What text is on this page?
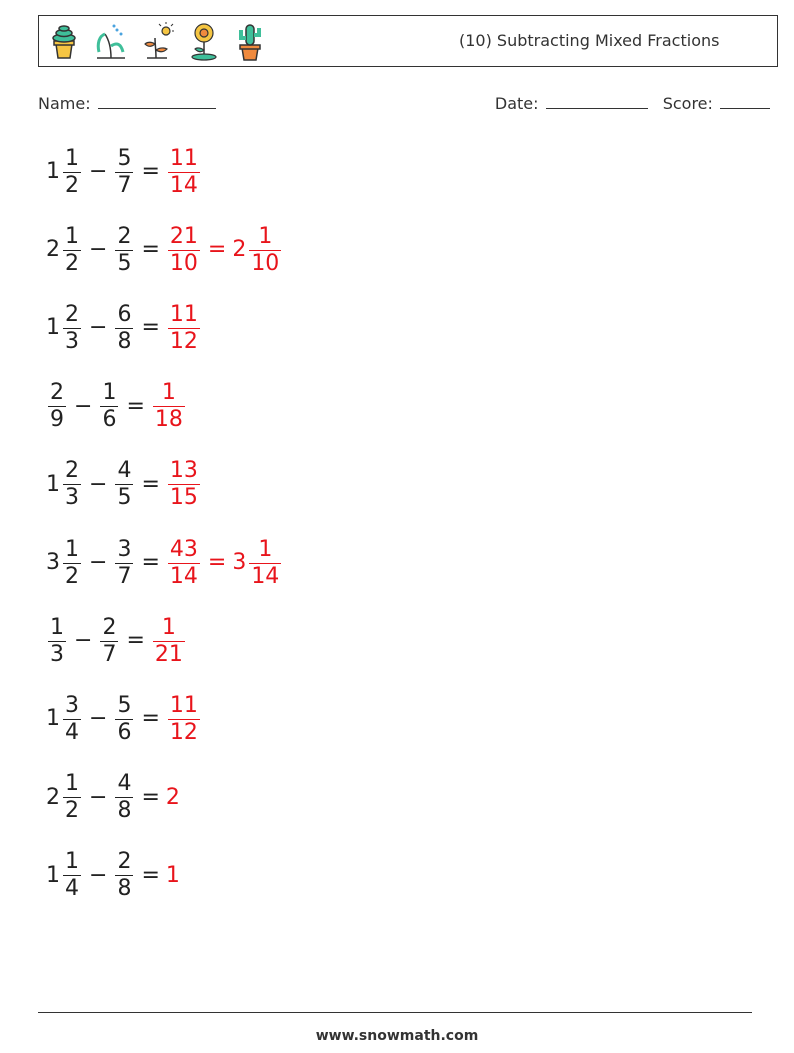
(10) Subtracting Mixed Fractions
Name:	Date:	Score:
$1 \frac{1}{2} - \frac{5}{7} = \frac{11}{14}$
$2 \frac{1}{2} - \frac{2}{5} = \frac{21}{10} = 2 \frac{1}{10}$
$1 \frac{2}{3} - \frac{6}{8} = \frac{11}{12}$
$\frac{2}{9} - \frac{1}{6} = \frac{1}{18}$
$1 \frac{2}{3} - \frac{4}{5} = \frac{13}{15}$
$3 \frac{1}{2} - \frac{3}{7} = \frac{43}{14} = 3 \frac{1}{14}$
$\frac{1}{3} - \frac{2}{7} = \frac{1}{21}$
$1 \frac{3}{4} - \frac{5}{6} = \frac{11}{12}$
$2 \frac{1}{2} - \frac{4}{8} = 2$
$1 \frac{1}{4} - \frac{2}{8} = 1$
www.snowmath.com
